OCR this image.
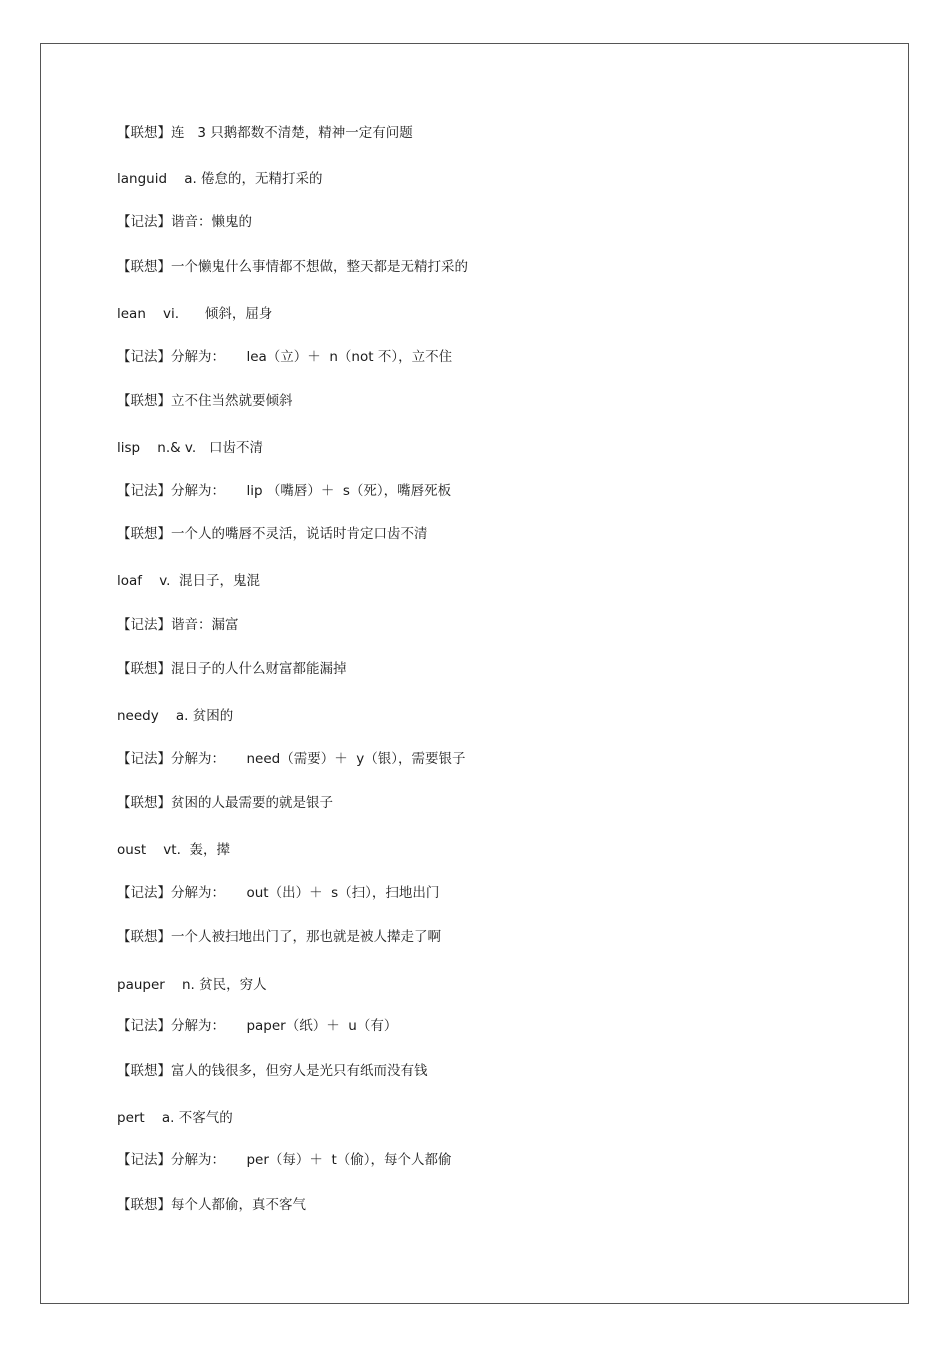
【联想】连   3 只鹅都数不清楚，精神一定有问题
languid    a. 倦怠的，无精打采的
【记法】谐音：懒鬼的
【联想】一个懒鬼什么事情都不想做，整天都是无精打采的
lean    vi.      倾斜，屈身
【记法】分解为：     lea（立）＋  n（not 不），立不住
【联想】立不住当然就要倾斜
lisp    n.& v.   口齿不清
【记法】分解为：     lip （嘴唇）＋  s（死），嘴唇死板
【联想】一个人的嘴唇不灵活，说话时肯定口齿不清
loaf    v.  混日子，鬼混
【记法】谐音：漏富
【联想】混日子的人什么财富都能漏掉
needy    a. 贫困的
【记法】分解为：     need（需要）＋  y（银），需要银子
【联想】贫困的人最需要的就是银子
oust    vt.  轰，撵
【记法】分解为：     out（出）＋  s（扫），扫地出门
【联想】一个人被扫地出门了，那也就是被人撵走了啊
pauper    n. 贫民，穷人
【记法】分解为：     paper（纸）＋  u（有）
【联想】富人的钱很多，但穷人是光只有纸而没有钱
pert    a. 不客气的
【记法】分解为：     per（每）＋  t（偷），每个人都偷
【联想】每个人都偷，真不客气
